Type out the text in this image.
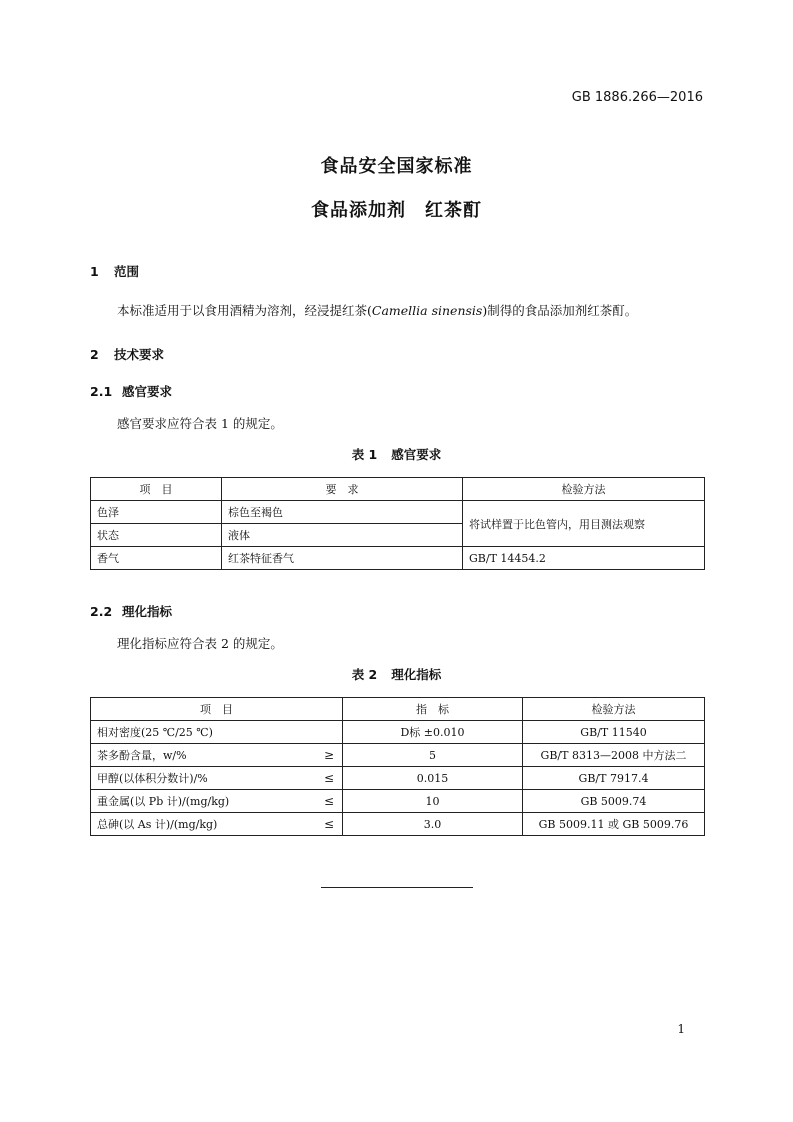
GB 1886.266—2016
食品安全国家标准
食品添加剂　红茶酊
1 范围
本标准适用于以食用酒精为溶剂，经浸提红茶(Camellia sinensis)制得的食品添加剂红茶酊。
2 技术要求
2.1 感官要求
感官要求应符合表 1 的规定。
表 1 感官要求
项　目	要　求	检验方法
色泽	棕色至褐色	将试样置于比色管内，用目测法观察
状态	液体	
香气	红茶特征香气	GB/T 14454.2
2.2 理化指标
理化指标应符合表 2 的规定。
表 2 理化指标
项　目	指　标	检验方法

相对密度(25 ℃/25 ℃)	D标 ±0.010	GB/T 11540

茶多酚含量，w/% ≥	5	GB/T 8313—2008 中方法二

甲醇(以体积分数计)/% ≤	0.015	GB/T 7917.4

重金属(以 Pb 计)/(mg/kg) ≤	10	GB 5009.74

总砷(以 As 计)/(mg/kg) ≤	3.0	GB 5009.11 或 GB 5009.76
1
